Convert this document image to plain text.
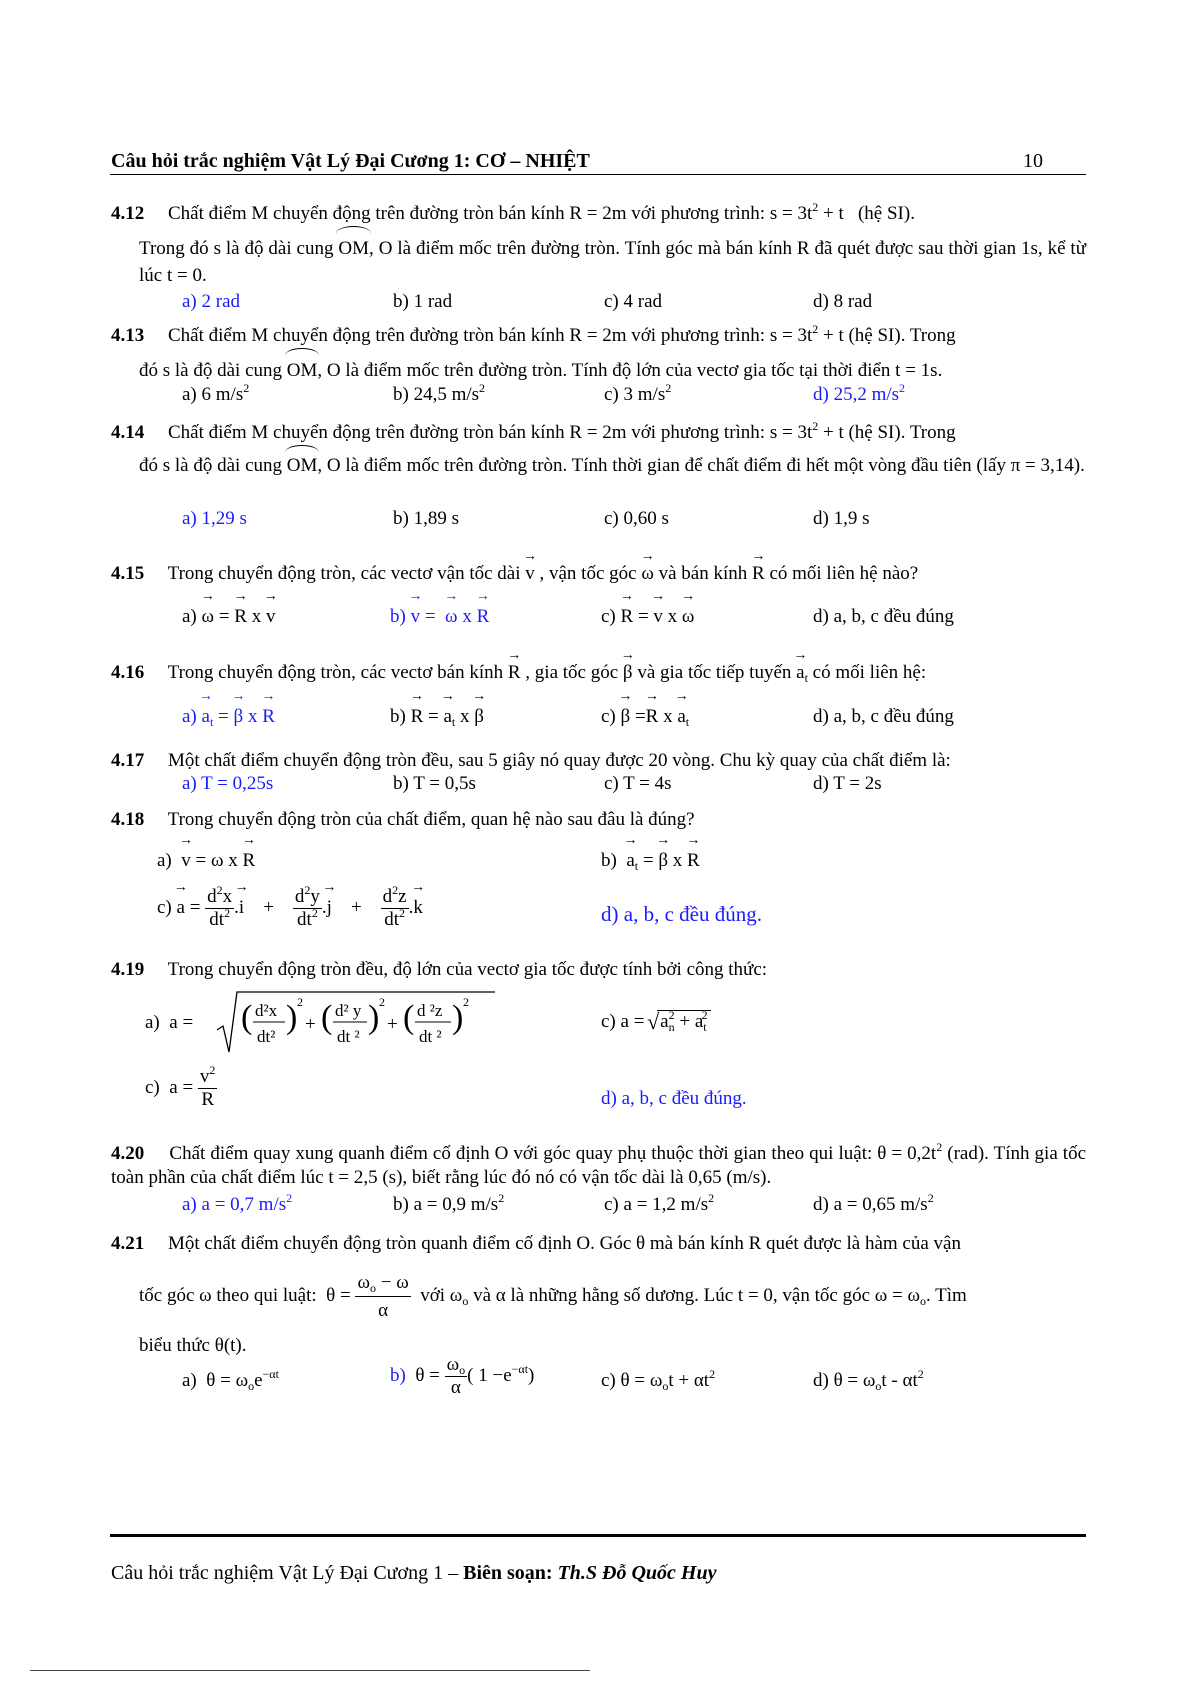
Câu hỏi trắc nghiệm Vật Lý Đại Cương 1: CƠ – NHIỆT	10
4.12     Chất điểm M chuyển động trên đường tròn bán kính R = 2m với phương trình: $s = 3t^2 + t$   (hệ SI).
Trong đó s là độ dài cung OM, O là điểm mốc trên đường tròn. Tính góc mà bán kính R đã quét được sau thời gian 1s, kể từ lúc t = 0.
a) 2 rad	b) 1 rad	c) 4 rad	d) 8 rad
4.13     Chất điểm M chuyển động trên đường tròn bán kính R = 2m với phương trình: $s = 3t^2 + t$ (hệ SI). Trong
đó s là độ dài cung OM, O là điểm mốc trên đường tròn. Tính độ lớn của vectơ gia tốc tại thời điển t = 1s.
a) 6 $m/s^2$	b) 24,5 $m/s^2$	c) 3 $m/s^2$	d) 25,2 $m/s^2$
4.14     Chất điểm M chuyển động trên đường tròn bán kính R = 2m với phương trình: $s = 3t^2 + t$ (hệ SI). Trong
đó s là độ dài cung OM, O là điểm mốc trên đường tròn. Tính thời gian để chất điểm đi hết một vòng đầu tiên (lấy π = 3,14).
a) 1,29 s	b) 1,89 s	c) 0,60 s	d) 1,9 s
4.15     Trong chuyển động tròn, các vectơ vận tốc dài → v , vận tốc góc → ω và bán kính → R có mối liên hệ nào?
a) → ω = → R x → v	b) → v =  → ω x → R	c) → R = → v x → ω	d) a, b, c đều đúng
4.16     Trong chuyển động tròn, các vectơ bán kính → R , gia tốc góc → β và gia tốc tiếp tuyến → $a_t$ có mối liên hệ:
$a) \to a_t$ = → β x → R	b) → R = → $a_t$ x → β	c) → β =→ R $x \to a_t$	d) a, b, c đều đúng
4.17 Một chất điểm chuyển động tròn đều, sau 5 giây nó quay được 20 vòng. Chu kỳ quay của chất điểm là:
a) T = 0,25s	b) T = 0,5s	c) T = 4s	d) T = 2s
4.18 Trong chuyển động tròn của chất điểm, quan hệ nào sau đâu là đúng?
a)  → v = ω x → R	$b) \to a_t$ = → β x → R
$c) \to a = \frac{d^2x}{dt^2}$ .→ i    + $\frac{d^2y}{dt^2}$ .→ j    + $\frac{d^2z}{dt^2}$ .→ k	d) a, b, c đều đúng.
4.19 Trong chuyển động tròn đều, độ lớn của vectơ gia tốc được tính bởi công thức:
a)  a = ( d²x
dt²
) 2
+ ( d² y
dt ²
) 2
+ ( d ²z
dt ²
) 2
c) $a = a_n^2 + a_t^2$
√
c)  $a = \frac{v^2}{R}$	d) a, b, c đều đúng.
4.20     Chất điểm quay xung quanh điểm cố định O với góc quay phụ thuộc thời gian theo qui luật: $\theta = 0,2t^2$ (rad). Tính gia tốc toàn phần của chất điểm lúc t = 2,5 (s), biết rằng lúc đó nó có vận tốc dài là 0,65 (m/s).
a) a = 0,7 $m/s^2$	b) a = 0,9 $m/s^2$	c) a = 1,2 $m/s^2$	d) a = 0,65 $m/s^2$
4.21     Một chất điểm chuyển động tròn quanh điểm cố định O. Góc θ mà bán kính R quét được là hàm của vận
tốc góc ω theo qui luật:  $\theta = \frac{\omega_o - \omega}{\alpha}$ với $\omega_o$ và α là những hằng số dương. Lúc t = 0, vận tốc góc $\omega = \omega_o$. Tìm
biểu thức θ(t).
a)  $\theta = \omega_oe^{-\alpha t}$	b)  $\theta = \frac{\omega_o}{\alpha}$ ( $1 -e^{-\alpha t}$)	c) $\theta = \omega_ot + \alpha t^2$	d) $\theta = \omega_ot - \alpha t^2$
Câu hỏi trắc nghiệm Vật Lý Đại Cương 1 – Biên soạn: Th.S Đỗ Quốc Huy
